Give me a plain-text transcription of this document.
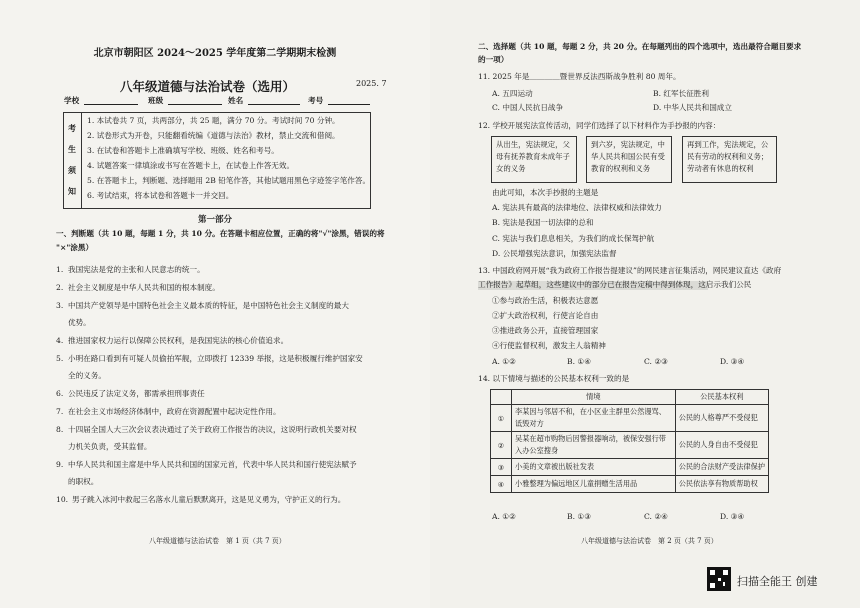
北京市朝阳区 2024～2025 学年度第二学期期末检测
八年级道德与法治试卷（选用）	2025. 7
学校	班级	姓名	考号
考
生
须
知
1. 本试卷共 7 页，共两部分，共 25 题，满分 70 分。考试时间 70 分钟。
2. 试卷形式为开卷，只能翻看统编《道德与法治》教材，禁止交流和借阅。
3. 在试卷和答题卡上准确填写学校、班级、姓名和考号。
4. 试题答案一律填涂或书写在答题卡上，在试卷上作答无效。
5. 在答题卡上，判断题、选择题用 2B 铅笔作答，其他试题用黑色字迹签字笔作答。
6. 考试结束，将本试卷和答题卡一并交回。
第一部分
一、判断题（共 10 题，每题 1 分，共 10 分。在答题卡相应位置，正确的将"√"涂黑，错误的将
"×"涂黑）
1. 我国宪法是党的主张和人民意志的统一。
2. 社会主义制度是中华人民共和国的根本制度。
3. 中国共产党领导是中国特色社会主义最本质的特征，是中国特色社会主义制度的最大
优势。
4. 推进国家权力运行以保障公民权利，是我国宪法的核心价值追求。
5. 小明在路口看到有可疑人员偷拍军舰，立即拨打 12339 举报，这是积极履行维护国家安
全的义务。
6. 公民违反了法定义务，都需承担刑事责任
7. 在社会主义市场经济体制中，政府在资源配置中起决定性作用。
8. 十四届全国人大三次会议表决通过了关于政府工作报告的决议，这说明行政机关要对权
力机关负责，受其监督。
9. 中华人民共和国主席是中华人民共和国的国家元首，代表中华人民共和国行使宪法赋予
的职权。
10. 男子跳入冰河中救起三名落水儿童后默默离开，这是见义勇为，守护正义的行为。
八年级道德与法治试卷　第 1 页（共 7 页）
二、选择题（共 10 题，每题 2 分，共 20 分。在每题列出的四个选项中，选出最符合题目要求
的一项）
11. 2025 年是＿＿＿＿暨世界反法西斯战争胜利 80 周年。
A. 五四运动	B. 红军长征胜利
C. 中国人民抗日战争	D. 中华人民共和国成立
12. 学校开展宪法宣传活动，同学们选择了以下材料作为手抄报的内容：
从出生，宪法规定，父母有抚养教育未成年子女的义务
到六岁，宪法规定，中华人民共和国公民有受教育的权利和义务
再到工作，宪法规定，公民有劳动的权利和义务；劳动者有休息的权利
由此可知，本次手抄报的主题是
A. 宪法具有最高的法律地位、法律权威和法律效力
B. 宪法是我国一切法律的总和
C. 宪法与我们息息相关，为我们的成长保驾护航
D. 公民增强宪法意识，加强宪法监督
13. 中国政府网开展“我为政府工作报告提建议”的网民建言征集活动，网民建议直达《政府
工作报告》起草组，这些建议中的部分已在报告定稿中得到体现，这启示我们公民
①参与政治生活，积极表达意愿
②扩大政治权利，行使言论自由
③推进政务公开，直接管理国家
④行使监督权利，激发主人翁精神
A. ①②	B. ①④	C. ②③	D. ③④
14. 以下情境与描述的公民基本权利一致的是
	情境	公民基本权利
①	李某因与邻居不和，在小区业主群里公然谩骂、诋毁对方	公民的人格尊严不受侵犯
②	吴某在超市购物后因警报器响动，被保安强行带入办公室搜身	公民的人身自由不受侵犯
③	小美的文章被出版社发表	公民的合法财产受法律保护
④	小雅整理为偏远地区儿童捐赠生活用品	公民依法享有物质帮助权
A. ①②	B. ①③	C. ②④	D. ③④
八年级道德与法治试卷　第 2 页（共 7 页）
扫描全能王 创建
